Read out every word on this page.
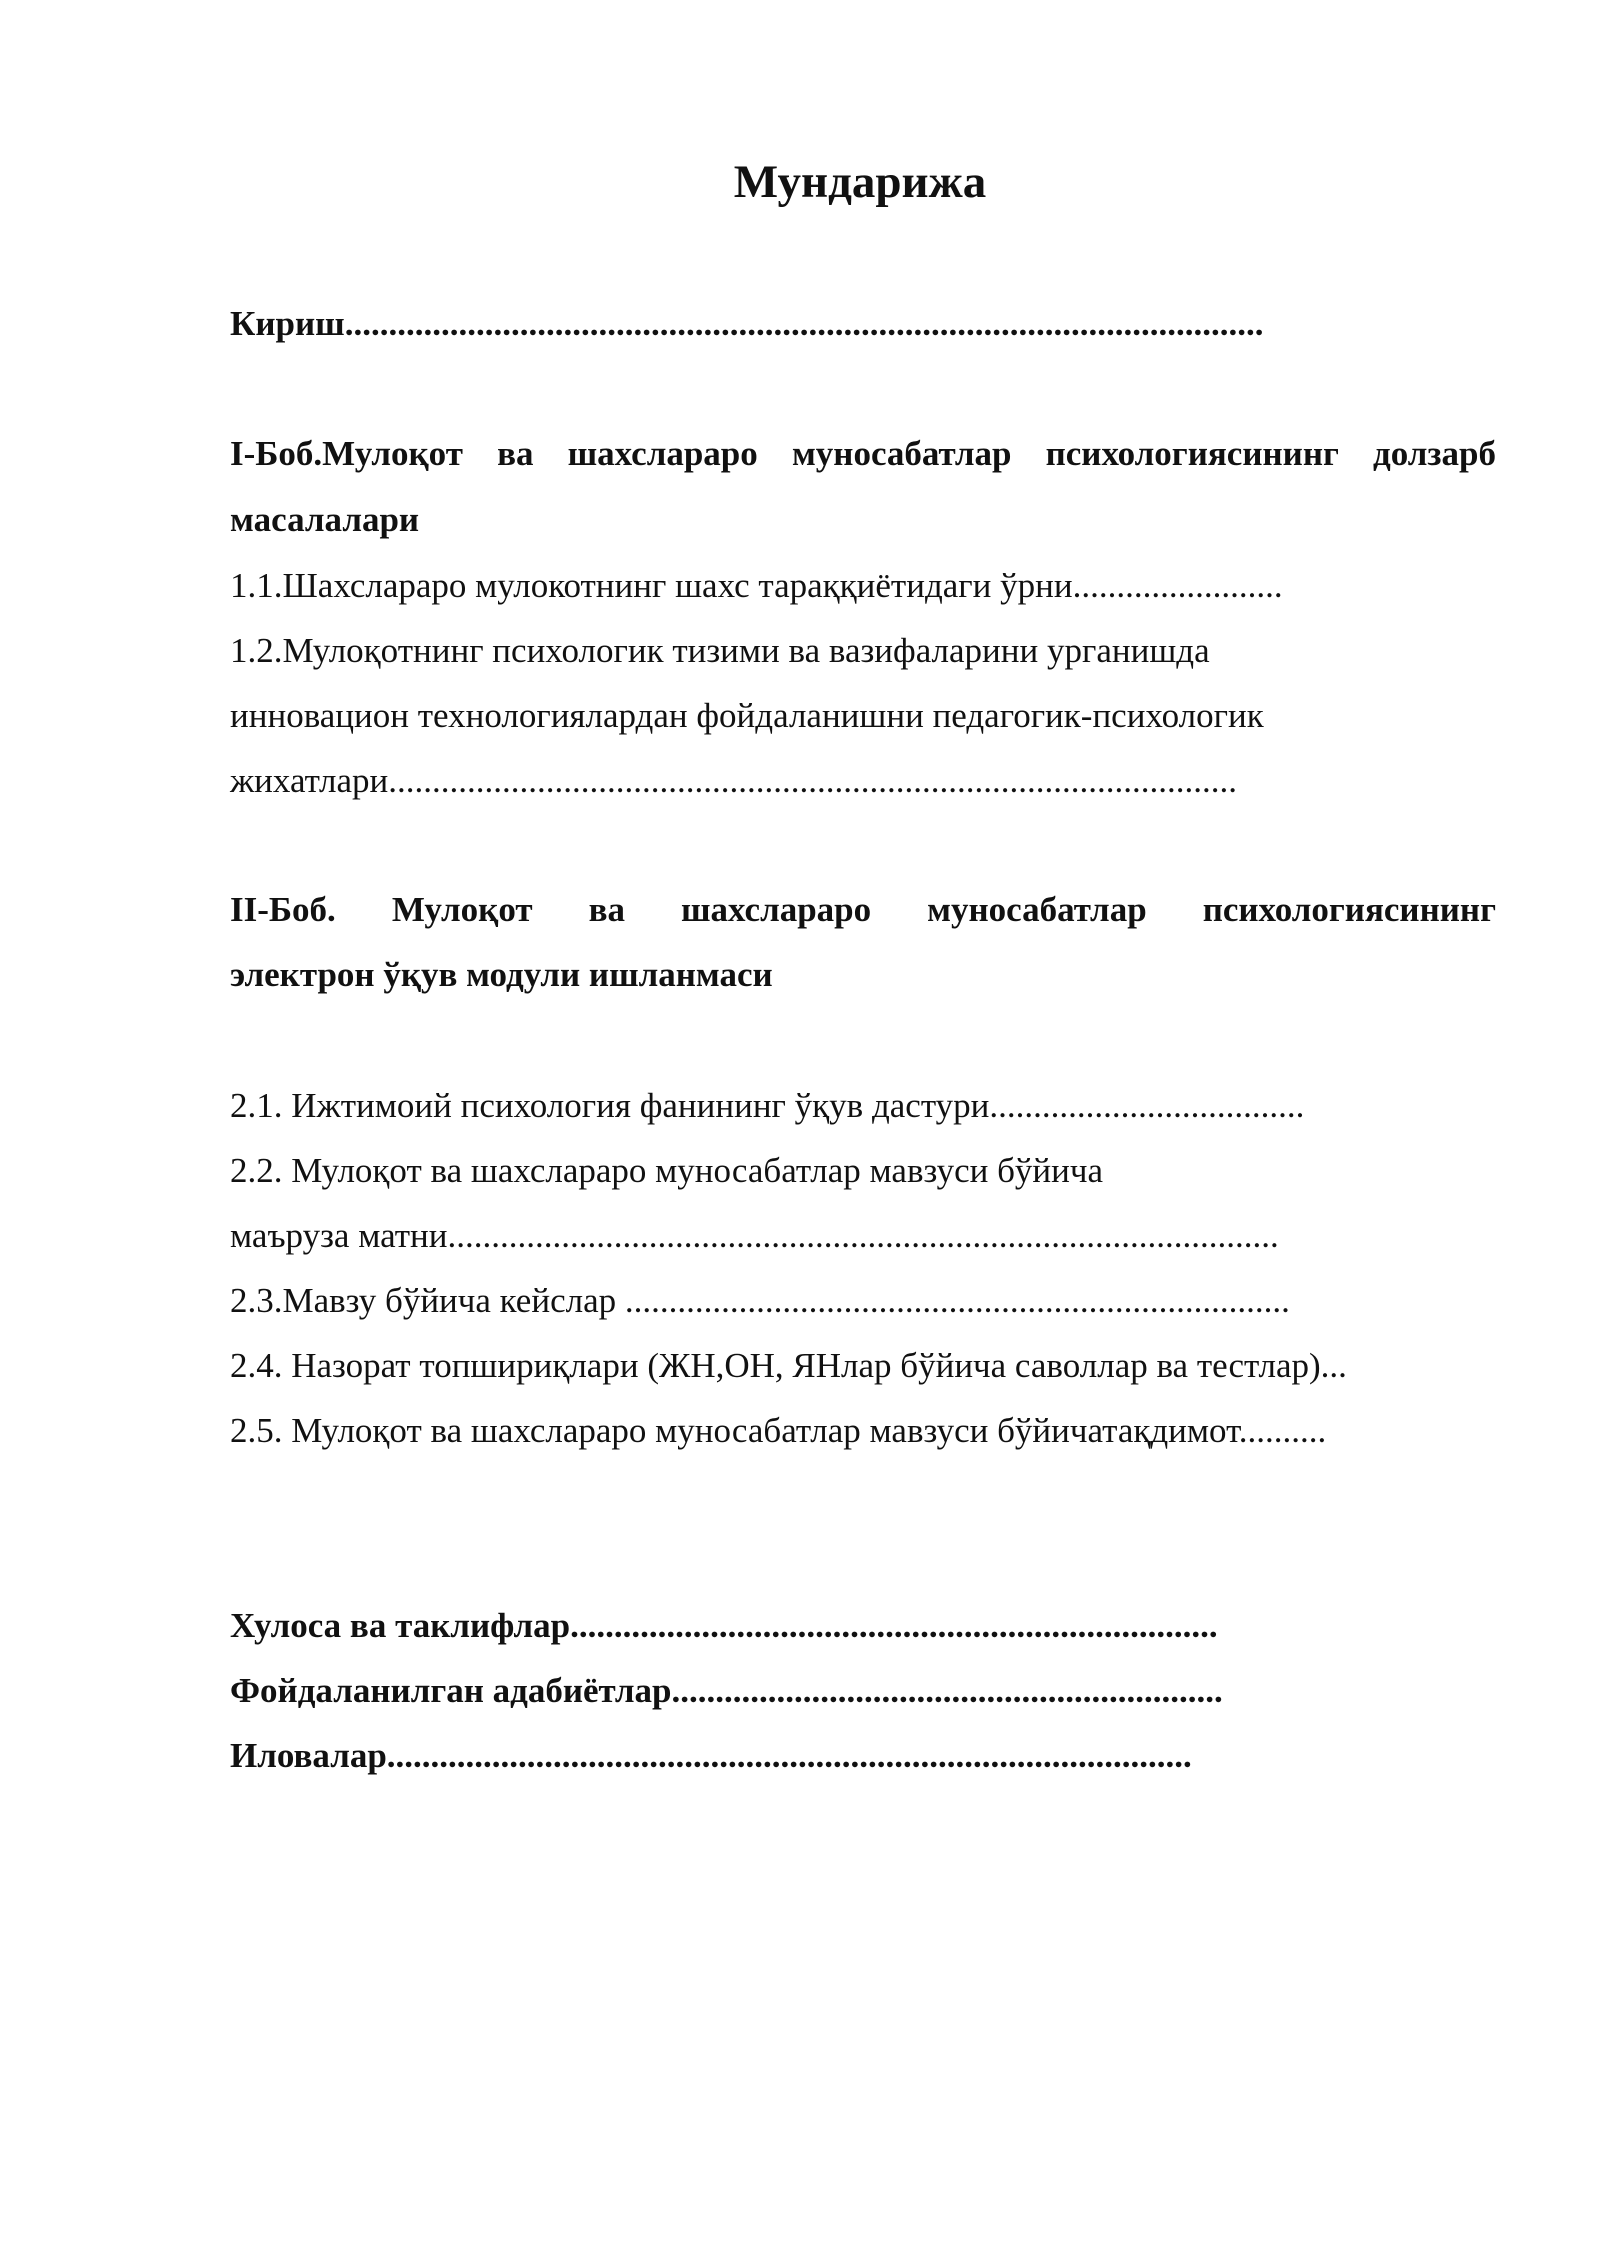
Мундарижа
Кириш.........................................................................................................
I-Боб.Мулоқот ва шахслараро муносабатлар психологиясининг долзарб
масалалари
1.1.Шахслараро мулокотнинг шахс тараққиётидаги ўрни........................
1.2.Мулоқотнинг психологик тизими ва вазифаларини урганишда
инновацион технологиялардан фойдаланишни педагогик-психологик
жихатлари.................................................................................................
II-Боб. Мулоқот ва шахслараро муносабатлар психологиясининг
электрон ўқув модули ишланмаси
2.1. Ижтимоий психология фанининг ўқув дастури....................................
2.2. Мулоқот ва шахслараро муносабатлар мавзуси бўйича
маъруза матни...............................................................................................
2.3.Мавзу бўйича кейслар ............................................................................
2.4. Назорат топшириқлари (ЖН,ОН, ЯНлар бўйича саволлар ва тестлар)...
2.5. Мулоқот ва шахслараро муносабатлар мавзуси бўйичатақдимот..........
Хулоса ва таклифлар..........................................................................
Фойдаланилган адабиётлар...............................................................
Иловалар............................................................................................
